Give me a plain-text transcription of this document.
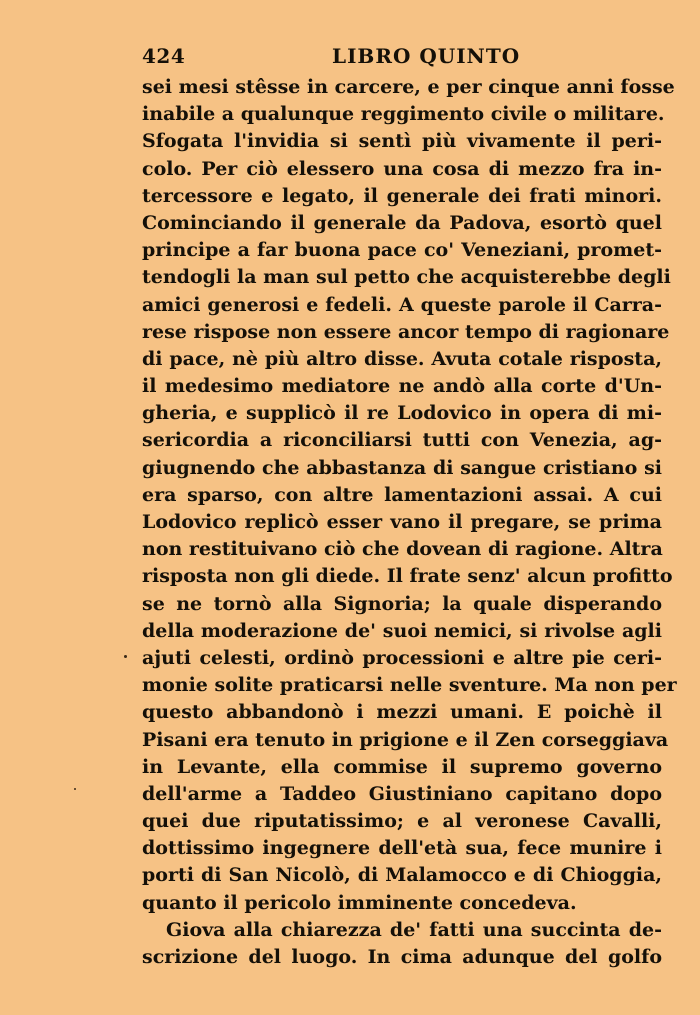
424	LIBRO QUINTO
sei mesi stêsse in carcere, e per cinque anni fosse
inabile a qualunque reggimento civile o militare.
Sfogata l'invidia si sentì più vivamente il peri-
colo. Per ciò elessero una cosa di mezzo fra in-
tercessore e legato, il generale dei frati minori.
Cominciando il generale da Padova, esortò quel
principe a far buona pace co' Veneziani, promet-
tendogli la man sul petto che acquisterebbe degli
amici generosi e fedeli. A queste parole il Carra-
rese rispose non essere ancor tempo di ragionare
di pace, nè più altro disse. Avuta cotale risposta,
il medesimo mediatore ne andò alla corte d'Un-
gheria, e supplicò il re Lodovico in opera di mi-
sericordia a riconciliarsi tutti con Venezia, ag-
giugnendo che abbastanza di sangue cristiano si
era sparso, con altre lamentazioni assai. A cui
Lodovico replicò esser vano il pregare, se prima
non restituivano ciò che dovean di ragione. Altra
risposta non gli diede. Il frate senz' alcun profitto
se ne tornò alla Signoria; la quale disperando
della moderazione de' suoi nemici, si rivolse agli
ajuti celesti, ordinò processioni e altre pie ceri-
monie solite praticarsi nelle sventure. Ma non per
questo abbandonò i mezzi umani. E poichè il
Pisani era tenuto in prigione e il Zen corseggiava
in Levante, ella commise il supremo governo
dell'arme a Taddeo Giustiniano capitano dopo
quei due riputatissimo; e al veronese Cavalli,
dottissimo ingegnere dell'età sua, fece munire i
porti di San Nicolò, di Malamocco e di Chioggia,
quanto il pericolo imminente concedeva.
Giova alla chiarezza de' fatti una succinta de-
scrizione del luogo. In cima adunque del golfo
